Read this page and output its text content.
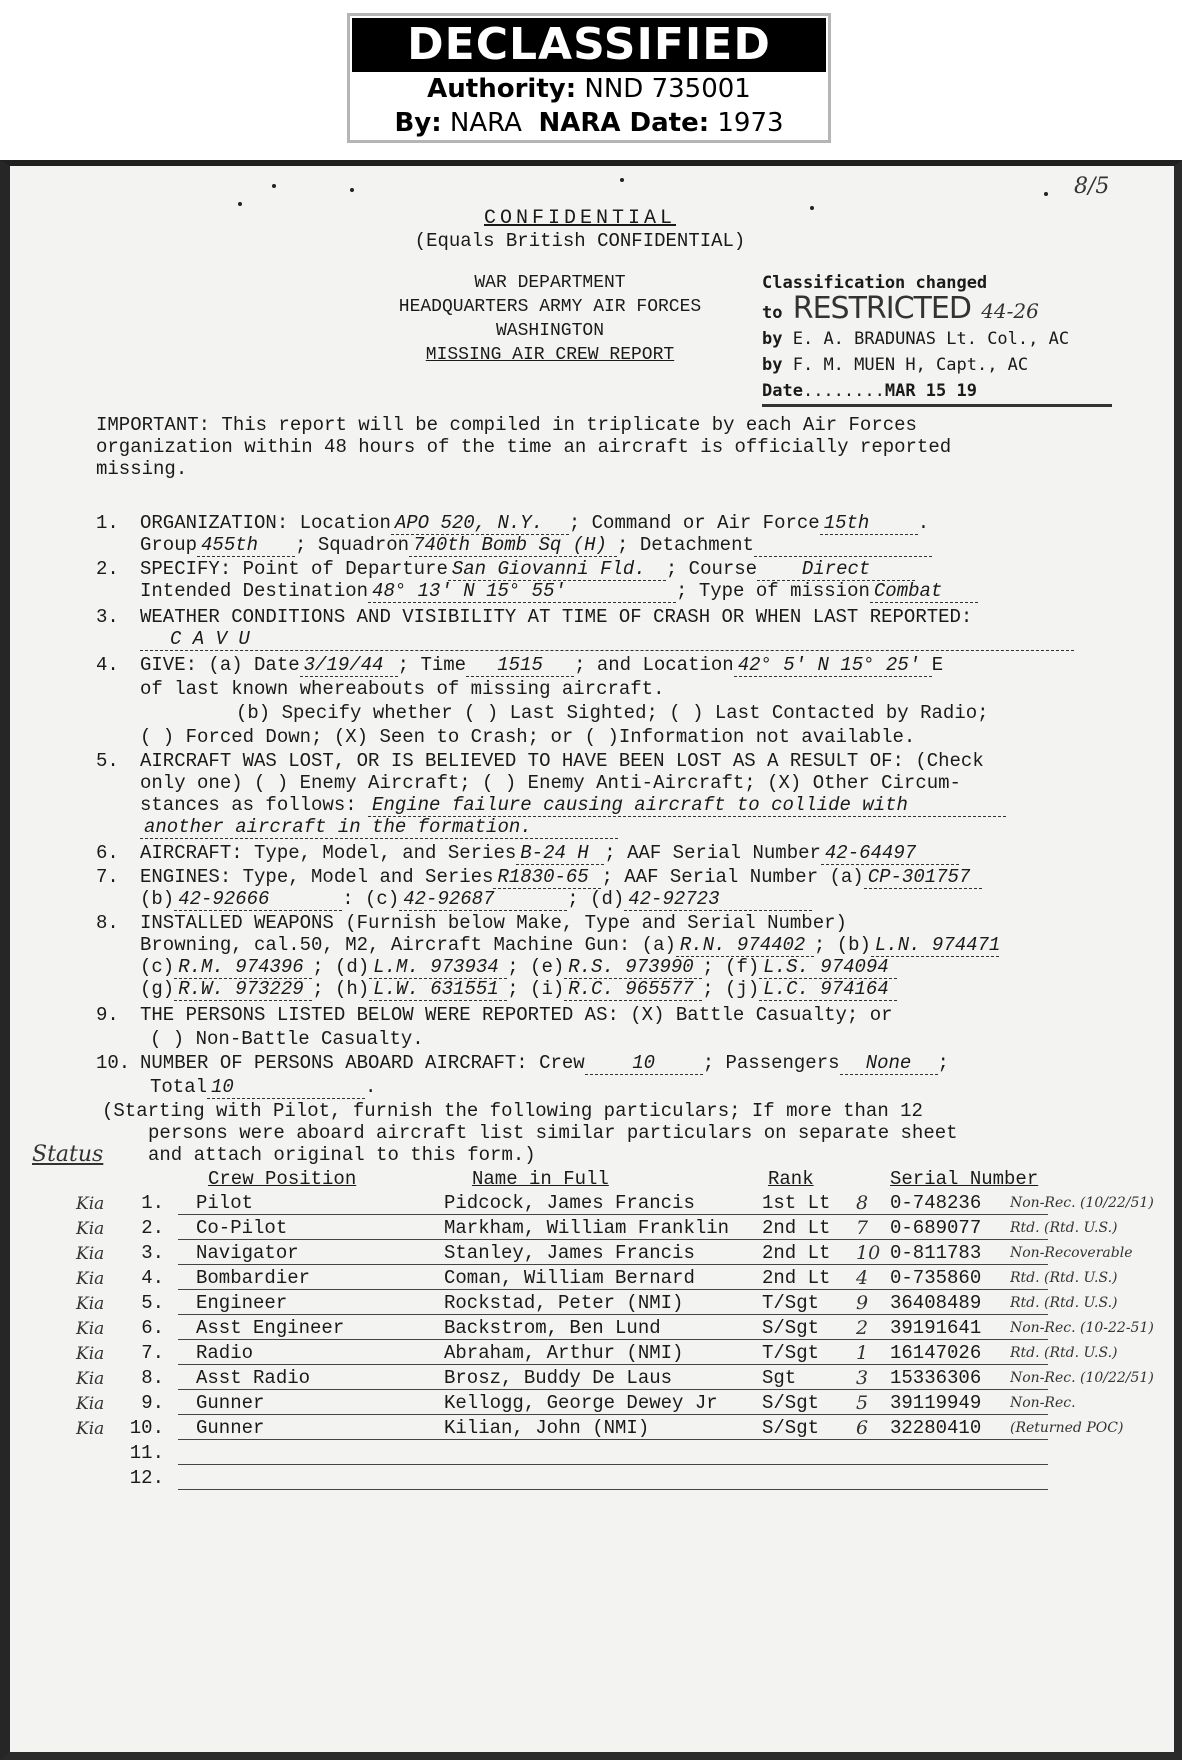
DECLASSIFIED
Authority: NND 735001
By: NARA NARA Date: 1973
8/5
CONFIDENTIAL
(Equals British CONFIDENTIAL)
WAR DEPARTMENT
HEADQUARTERS ARMY AIR FORCES
WASHINGTON
MISSING AIR CREW REPORT
Classification changed
to RESTRICTED 44-26
by E. A. BRADUNAS Lt. Col., AC
by F. M. MUEN H, Capt., AC
Date........MAR 15 19
IMPORTANT: This report will be compiled in triplicate by each Air Forces
organization within 48 hours of the time an aircraft is officially reported
missing.
1. ORGANIZATION: Location APO 520, N.Y. ; Command or Air Force 15th	.
Group 455th ; Squadron 740th Bomb Sq (H) ; Detachment
2. SPECIFY: Point of Departure San Giovanni Fld. ; Course Direct
Intended Destination 48° 13' N 15° 55'	; Type of mission Combat
3. WEATHER CONDITIONS AND VISIBILITY AT TIME OF CRASH OR WHEN LAST REPORTED:
C A V U
4. GIVE: (a) Date 3/19/44 ; Time 1515 ; and Location 42° 5' N 15° 25' E
of last known whereabouts of missing aircraft.
(b) Specify whether ( ) Last Sighted; ( ) Last Contacted by Radio;
( ) Forced Down; (X) Seen to Crash; or ( )Information not available.
5. AIRCRAFT WAS LOST, OR IS BELIEVED TO HAVE BEEN LOST AS A RESULT OF: (Check
only one) ( ) Enemy Aircraft; ( ) Enemy Anti-Aircraft; (X) Other Circum-
stances as follows: Engine failure causing aircraft to collide with
another aircraft in the formation.
6. AIRCRAFT: Type, Model, and Series B-24 H ; AAF Serial Number 42-64497
7. ENGINES: Type, Model and Series R1830-65 ; AAF Serial Number (a) CP-301757
(b) 42-92666	: (c) 42-92687	; (d) 42-92723
8. INSTALLED WEAPONS (Furnish below Make, Type and Serial Number)
Browning, cal.50, M2, Aircraft Machine Gun: (a) R.N. 974402 ; (b) L.N. 974471
(c) R.M. 974396 ; (d) L.M. 973934 ; (e) R.S. 973990 ; (f) L.S. 974094
(g) R.W. 973229 ; (h) L.W. 631551 ; (i) R.C. 965577 ; (j) L.C. 974164
9. THE PERSONS LISTED BELOW WERE REPORTED AS: (X) Battle Casualty; or
( ) Non-Battle Casualty.
10. NUMBER OF PERSONS ABOARD AIRCRAFT: Crew	10	; Passengers None ;
Total 10	.
(Starting with Pilot, furnish the following particulars; If more than 12
persons were aboard aircraft list similar particulars on separate sheet
and attach original to this form.)
Status
Crew Position	Name in Full	Rank	Serial Number
Kia	1. Pilot	Pidcock, James Francis	1st Lt	8	0-748236	Non-Rec. (10/22/51)
Kia	2. Co-Pilot	Markham, William Franklin	2nd Lt	7	0-689077	Rtd. (Rtd. U.S.)
Kia	3. Navigator	Stanley, James Francis	2nd Lt	10 0-811783	Non-Recoverable
Kia	4. Bombardier	Coman, William Bernard	2nd Lt	4	0-735860	Rtd. (Rtd. U.S.)
Kia	5. Engineer	Rockstad, Peter (NMI)	T/Sgt	9	36408489	Rtd. (Rtd. U.S.)
Kia	6. Asst Engineer	Backstrom, Ben Lund	S/Sgt	2	39191641	Non-Rec. (10-22-51)
Kia	7. Radio	Abraham, Arthur (NMI)	T/Sgt	1	16147026	Rtd. (Rtd. U.S.)
Kia	8. Asst Radio	Brosz, Buddy De Laus	Sgt	3	15336306	Non-Rec. (10/22/51)
Kia	9. Gunner	Kellogg, George Dewey Jr	S/Sgt	5	39119949	Non-Rec.
Kia 10. Gunner	Kilian, John (NMI)	S/Sgt	6	32280410	(Returned POC)
11.
12.
